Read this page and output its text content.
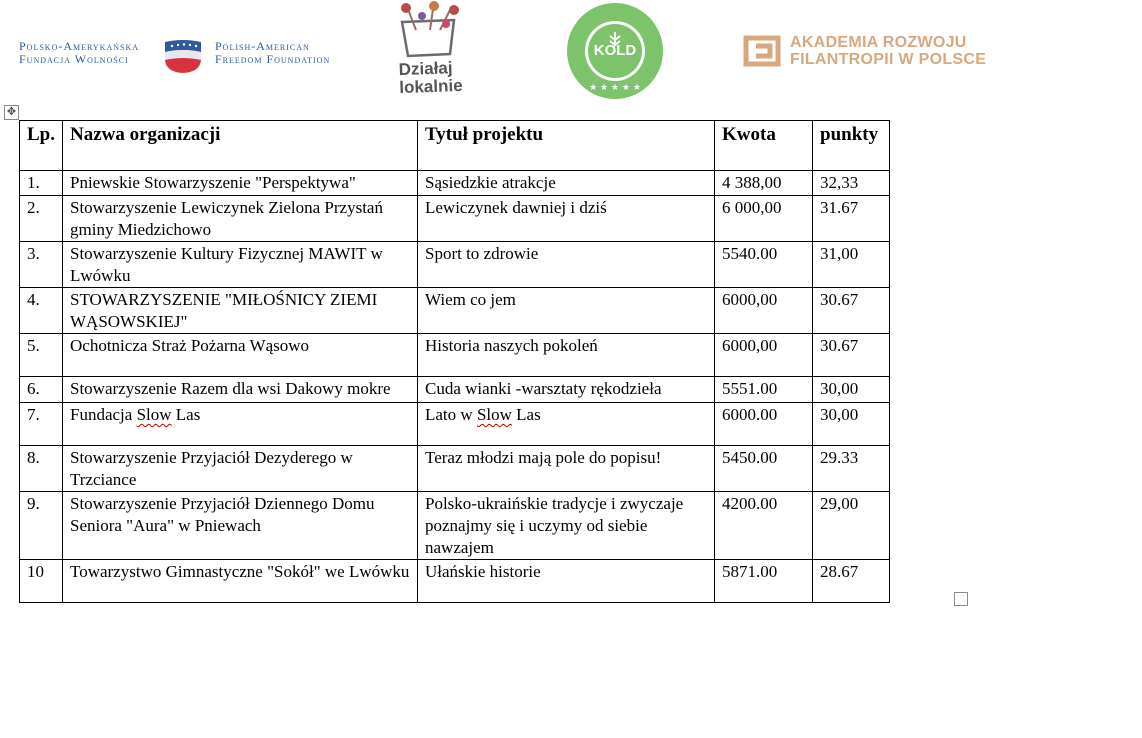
Polsko-Amerykańska
Fundacja Wolności
Polish-American
Freedom Foundation	Działaj
lokalnie	★ ★ ★ ★ ★
KOLD	AKADEMIA ROZWOJU
FILANTROPII W POLSCE
✥
Lp.	Nazwa organizacji	Tytuł projektu	Kwota	punkty
1.	Pniewskie Stowarzyszenie "Perspektywa"	Sąsiedzkie atrakcje	4 388,00	32,33
2.	Stowarzyszenie Lewiczynek Zielona Przystań gminy Miedzichowo	Lewiczynek dawniej i dziś	6 000,00	31.67
3.	Stowarzyszenie Kultury Fizycznej MAWIT w Lwówku	Sport to zdrowie	5540.00	31,00
4.	STOWARZYSZENIE "MIŁOŚNICY ZIEMI WĄSOWSKIEJ"	Wiem co jem	6000,00	30.67
5.	Ochotnicza Straż Pożarna Wąsowo	Historia naszych pokoleń	6000,00	30.67
6.	Stowarzyszenie Razem dla wsi Dakowy mokre	Cuda wianki -warsztaty rękodzieła	5551.00	30,00
7.	Fundacja Slow Las	Lato w Slow Las	6000.00	30,00
8.	Stowarzyszenie Przyjaciół Dezyderego w Trzciance	Teraz młodzi mają pole do popisu!	5450.00	29.33
9.	Stowarzyszenie Przyjaciół Dziennego Domu Seniora "Aura" w Pniewach	Polsko-ukraińskie tradycje i zwyczaje poznajmy się i uczymy od siebie nawzajem	4200.00	29,00
10	Towarzystwo Gimnastyczne "Sokół" we Lwówku	Ułańskie historie	5871.00	28.67
